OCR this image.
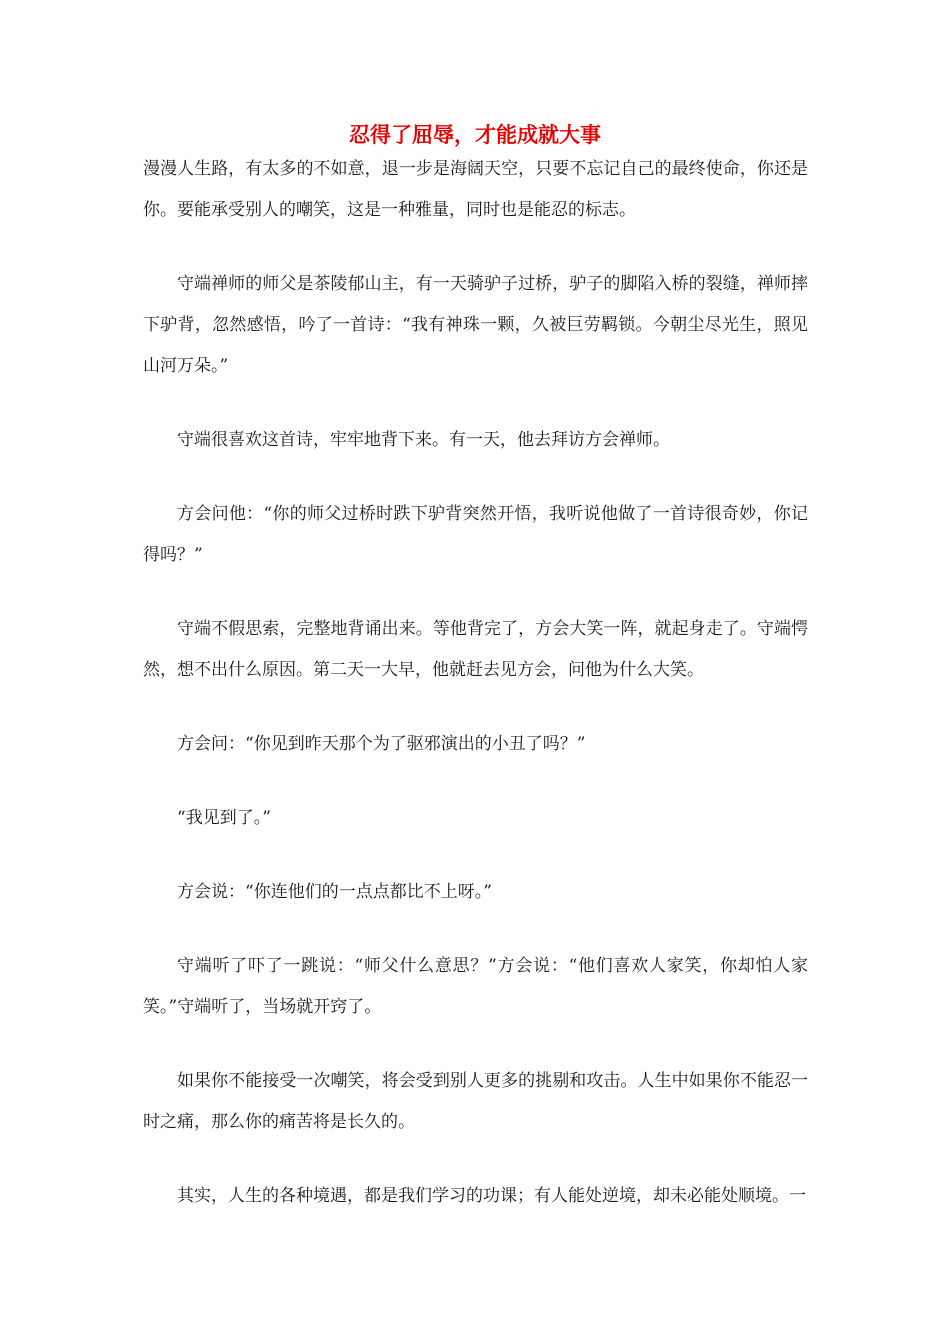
忍得了屈辱，才能成就大事

漫漫人生路，有太多的不如意，退一步是海阔天空，只要不忘记自己的最终使命，你还是你。要能承受别人的嘲笑，这是一种雅量，同时也是能忍的标志。

守端禅师的师父是茶陵郁山主，有一天骑驴子过桥，驴子的脚陷入桥的裂缝，禅师摔下驴背，忽然感悟，吟了一首诗：“我有神珠一颗，久被巨劳羁锁。今朝尘尽光生，照见山河万朵。”

守端很喜欢这首诗，牢牢地背下来。有一天，他去拜访方会禅师。

方会问他：“你的师父过桥时跌下驴背突然开悟，我听说他做了一首诗很奇妙，你记得吗？”

守端不假思索，完整地背诵出来。等他背完了，方会大笑一阵，就起身走了。守端愕然，想不出什么原因。第二天一大早，他就赶去见方会，问他为什么大笑。

方会问：“你见到昨天那个为了驱邪演出的小丑了吗？”

“我见到了。”

方会说：“你连他们的一点点都比不上呀。”

守端听了吓了一跳说：“师父什么意思？”方会说：“他们喜欢人家笑，你却怕人家笑。”守端听了，当场就开窍了。

如果你不能接受一次嘲笑，将会受到别人更多的挑剔和攻击。人生中如果你不能忍一时之痛，那么你的痛苦将是长久的。

其实，人生的各种境遇，都是我们学习的功课；有人能处逆境，却未必能处顺境。一
